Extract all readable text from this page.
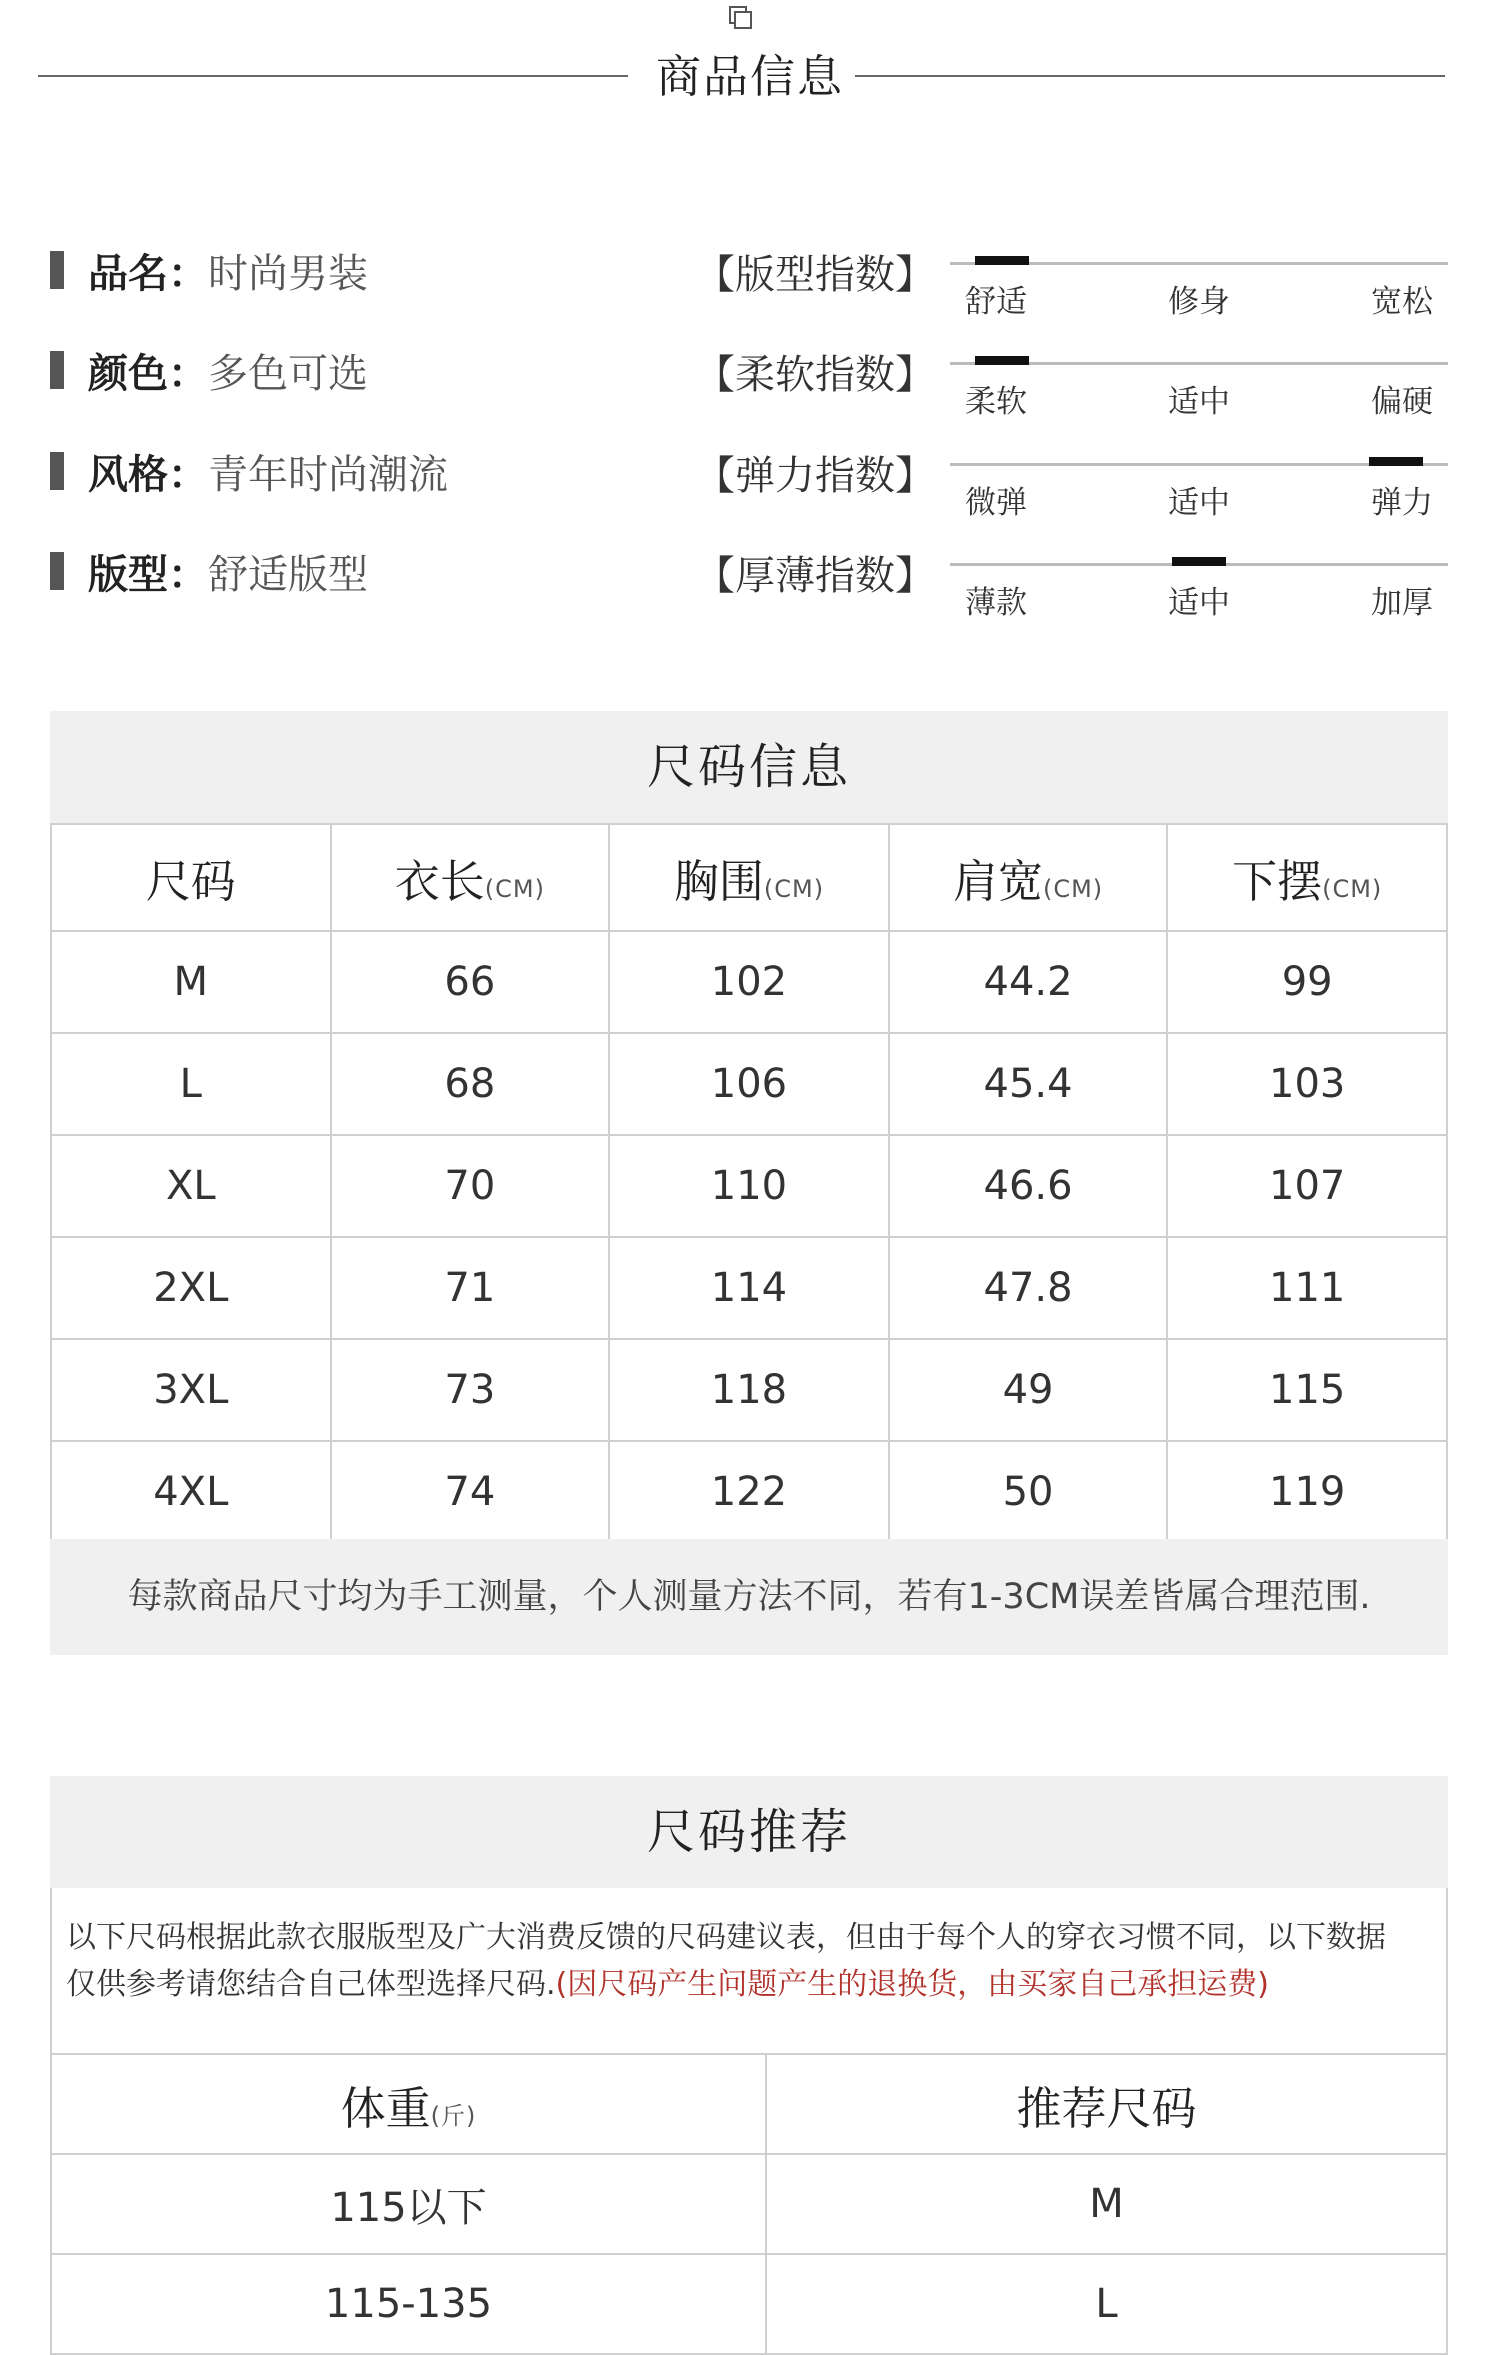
商品信息
品名： 时尚男装
颜色： 多色可选
风格： 青年时尚潮流
版型： 舒适版型
【版型指数】
舒适	修身	宽松
【柔软指数】
柔软	适中	偏硬
【弹力指数】
微弹	适中	弹力
【厚薄指数】
薄款	适中	加厚
尺码信息
尺码	衣长(CM)	胸围(CM)	肩宽(CM)	下摆(CM)
M	66	102	44.2	99
L	68	106	45.4	103
XL	70	110	46.6	107
2XL	71	114	47.8	111
3XL	73	118	49	115
4XL	74	122	50	119
每款商品尺寸均为手工测量，个人测量方法不同，若有1-3CM误差皆属合理范围.
尺码推荐
以下尺码根据此款衣服版型及广大消费反馈的尺码建议表，但由于每个人的穿衣习惯不同，以下数据
仅供参考请您结合自己体型选择尺码.(因尺码产生问题产生的退换货，由买家自己承担运费)
体重(斤)	推荐尺码
115以下	M
115-135	L
